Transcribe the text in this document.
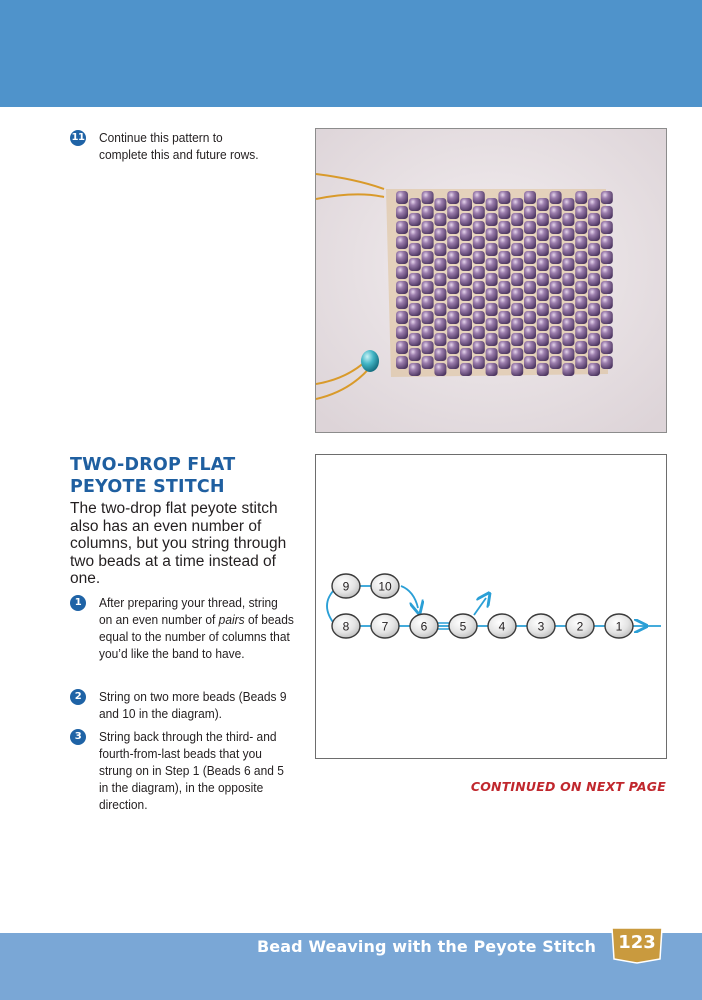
11 Continue this pattern to complete this and future rows.
TWO-DROP FLAT
PEYOTE STITCH
The two-drop flat peyote stitch also has an even number of columns, but you string through two beads at a time instead of one.
1	After preparing your thread, string on an even number of pairs of beads equal to the number of columns that you’d like the band to have.
2	String on two more beads (Beads 9 and 10 in the diagram).
3	String back through the third- and fourth-from-last beads that you strung on in Step 1 (Beads 6 and 5 in the diagram), in the opposite direction.
8	7	6	5	4	3	2	1
9 10
CONTINUED ON NEXT PAGE
Bead Weaving with the Peyote Stitch	123
